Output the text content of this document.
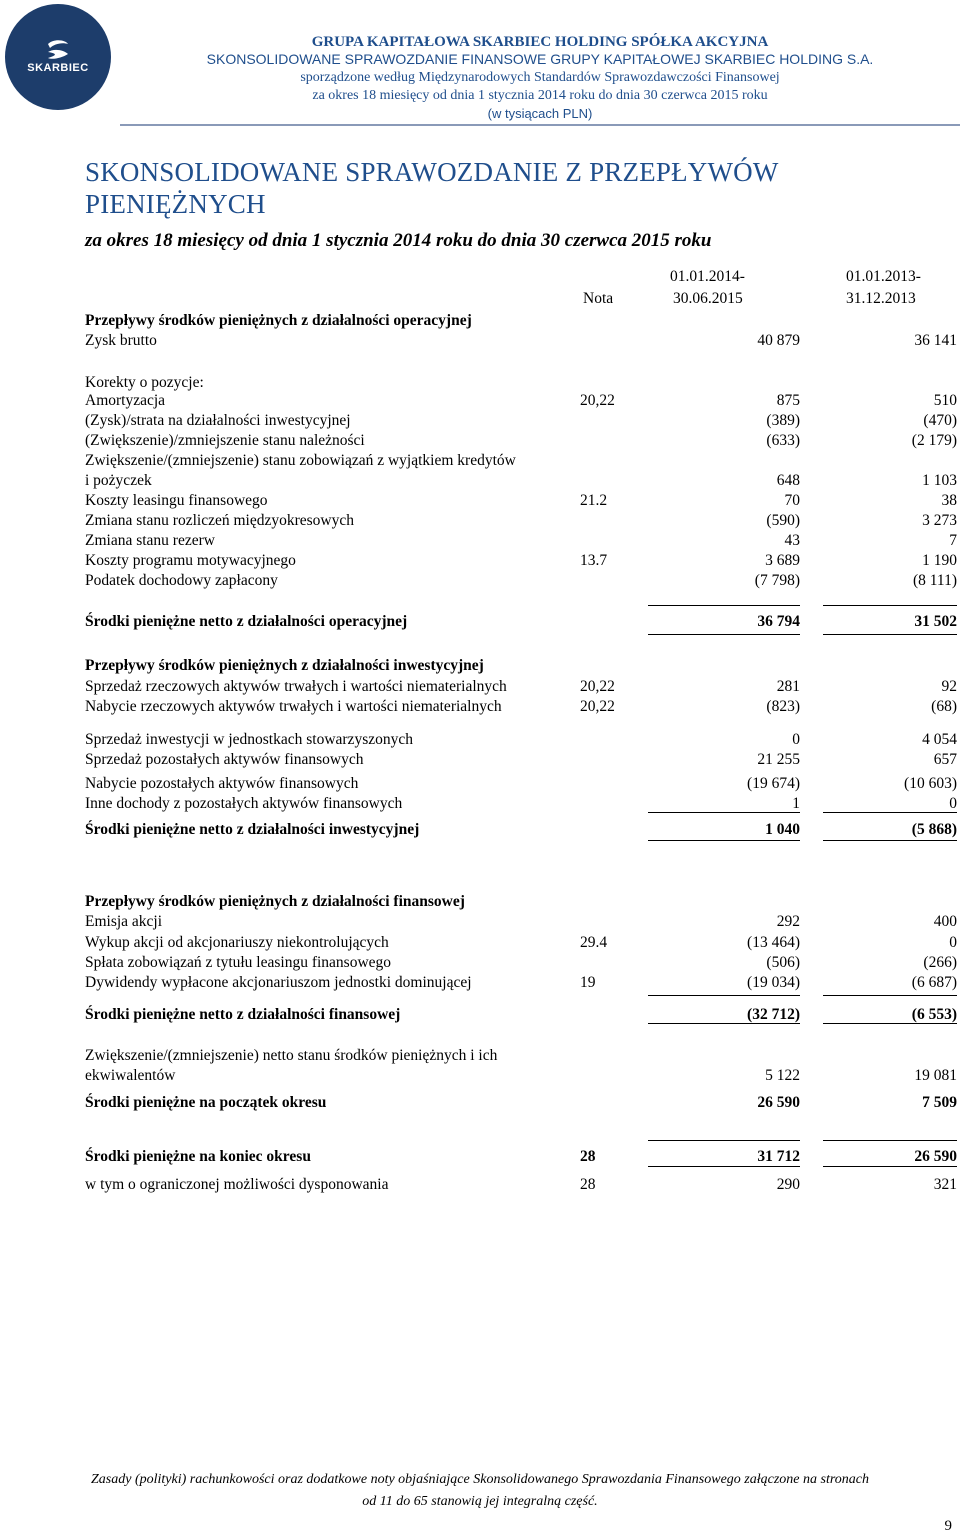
SKARBIEC
GRUPA KAPITAŁOWA SKARBIEC HOLDING SPÓŁKA AKCYJNA
SKONSOLIDOWANE SPRAWOZDANIE FINANSOWE GRUPY KAPITAŁOWEJ SKARBIEC HOLDING S.A.
sporządzone według Międzynarodowych Standardów Sprawozdawczości Finansowej
za okres 18 miesięcy od dnia 1 stycznia 2014 roku do dnia 30 czerwca 2015 roku
(w tysiącach PLN)
SKONSOLIDOWANE SPRAWOZDANIE Z PRZEPŁYWÓW PIENIĘŻNYCH
za okres 18 miesięcy od dnia 1 stycznia 2014 roku do dnia 30 czerwca 2015 roku
01.01.2014-
30.06.2015
01.01.2013-
31.12.2013
Nota
Przepływy środków pieniężnych z działalności operacyjnej
Zysk brutto	40 879	36 141
Korekty o pozycje:
Amortyzacja	20,22	875	510
(Zysk)/strata na działalności inwestycyjnej	(389)	(470)
(Zwiększenie)/zmniejszenie stanu należności	(633)	(2 179)
Zwiększenie/(zmniejszenie) stanu zobowiązań z wyjątkiem kredytów
i pożyczek	648	1 103
Koszty leasingu finansowego	21.2	70	38
Zmiana stanu rozliczeń międzyokresowych	(590)	3 273
Zmiana stanu rezerw	43	7
Koszty programu motywacyjnego	13.7	3 689	1 190
Podatek dochodowy zapłacony	(7 798)	(8 111)
Środki pieniężne netto z działalności operacyjnej	36 794	31 502
Przepływy środków pieniężnych z działalności inwestycyjnej
Sprzedaż rzeczowych aktywów trwałych i wartości niematerialnych	20,22	281	92
Nabycie rzeczowych aktywów trwałych i wartości niematerialnych	20,22	(823)	(68)
Sprzedaż inwestycji w jednostkach stowarzyszonych	0	4 054
Sprzedaż pozostałych aktywów finansowych	21 255	657
Nabycie pozostałych aktywów finansowych	(19 674)	(10 603)
Inne dochody z pozostałych aktywów finansowych	1	0
Środki pieniężne netto z działalności inwestycyjnej	1 040	(5 868)
Przepływy środków pieniężnych z działalności finansowej
Emisja akcji	292	400
Wykup akcji od akcjonariuszy niekontrolujących	29.4	(13 464)	0
Spłata zobowiązań z tytułu leasingu finansowego	(506)	(266)
Dywidendy wypłacone akcjonariuszom jednostki dominującej	19	(19 034)	(6 687)
Środki pieniężne netto z działalności finansowej	(32 712)	(6 553)
Zwiększenie/(zmniejszenie) netto stanu środków pieniężnych i ich
ekwiwalentów	5 122	19 081
Środki pieniężne na początek okresu	26 590	7 509
Środki pieniężne na koniec okresu	28	31 712	26 590
w tym o ograniczonej możliwości dysponowania	28	290	321
Zasady (polityki) rachunkowości oraz dodatkowe noty objaśniające Skonsolidowanego Sprawozdania Finansowego załączone na stronach
od 11 do 65 stanowią jej integralną część.
9
